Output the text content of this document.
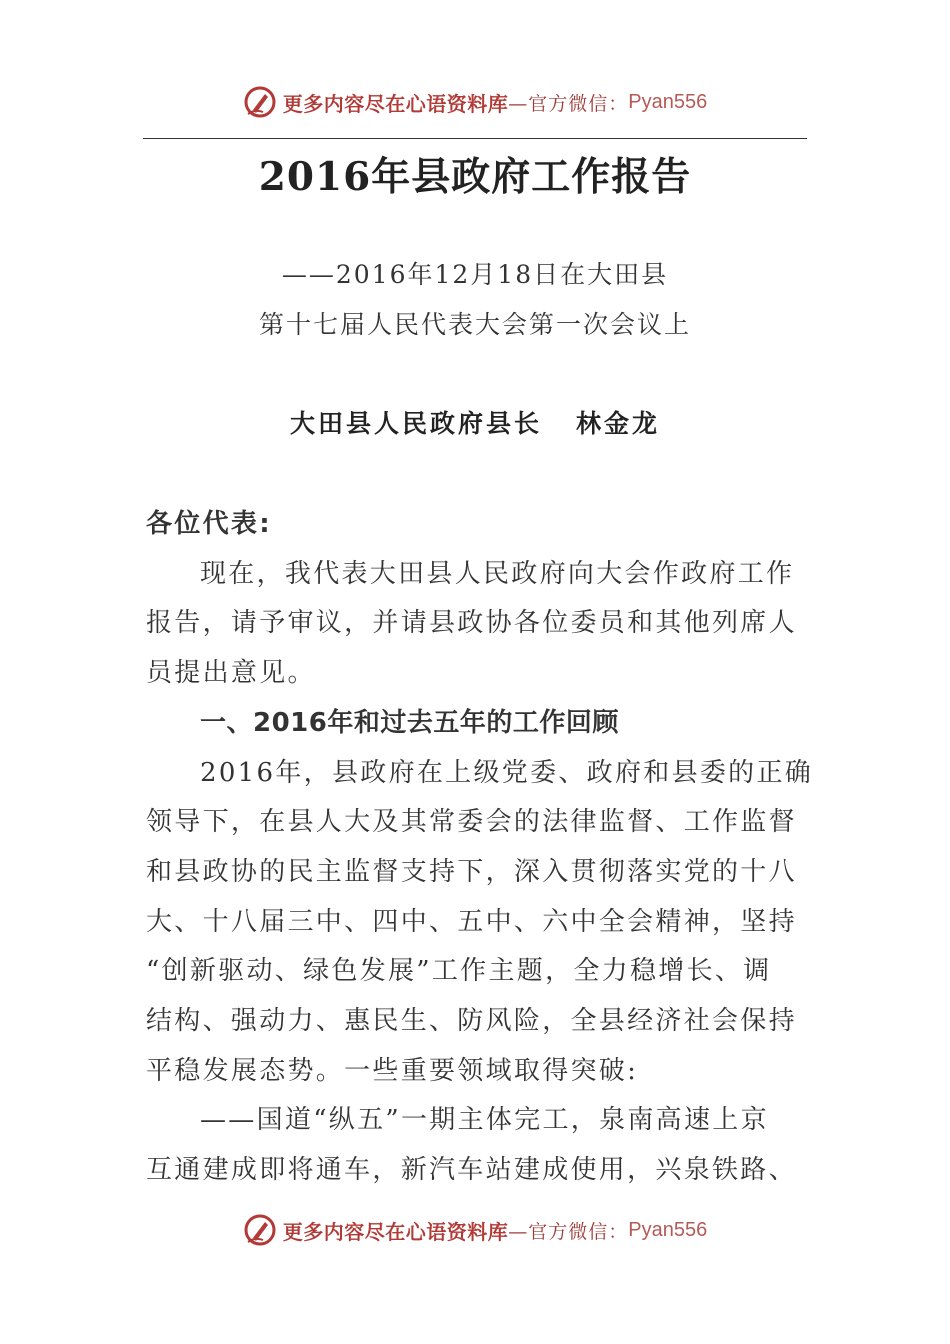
更多内容尽在心语资料库 —官方微信： Pyan556
2016年县政府工作报告
——2016年12月18日在大田县
第十七届人民代表大会第一次会议上
大田县人民政府县长 林金龙

各位代表:

现在，我代表大田县人民政府向大会作政府工作
报告，请予审议，并请县政协各位委员和其他列席人
员提出意见。

一、2016年和过去五年的工作回顾

2016年，县政府在上级党委、政府和县委的正确
领导下，在县人大及其常委会的法律监督、工作监督
和县政协的民主监督支持下，深入贯彻落实党的十八
大、十八届三中、四中、五中、六中全会精神，坚持
“创新驱动、绿色发展”工作主题，全力稳增长、调
结构、强动力、惠民生、防风险，全县经济社会保持
平稳发展态势。一些重要领域取得突破:

——国道“纵五”一期主体完工，泉南高速上京
互通建成即将通车，新汽车站建成使用，兴泉铁路、

更多内容尽在心语资料库 —官方微信： Pyan556
